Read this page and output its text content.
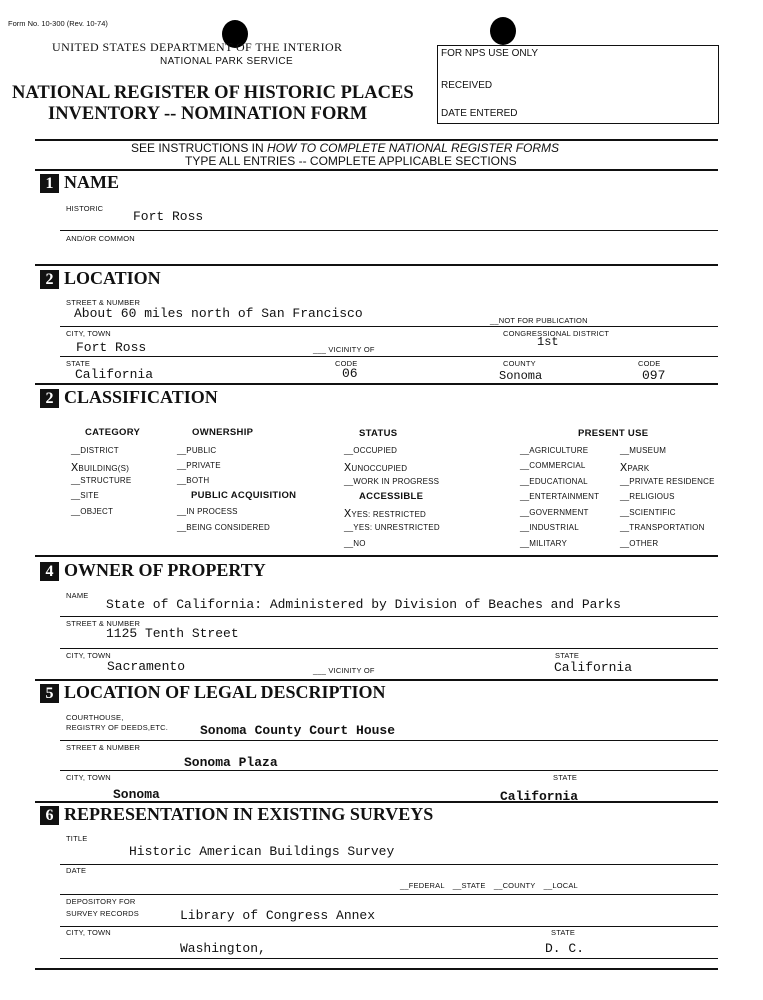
Form No. 10-300 (Rev. 10-74)
UNITED STATES DEPARTMENT OF THE INTERIOR
NATIONAL PARK SERVICE
NATIONAL REGISTER OF HISTORIC PLACES
INVENTORY -- NOMINATION FORM
FOR NPS USE ONLY
RECEIVED
DATE ENTERED
SEE INSTRUCTIONS IN HOW TO COMPLETE NATIONAL REGISTER FORMS
TYPE ALL ENTRIES -- COMPLETE APPLICABLE SECTIONS
1 NAME
HISTORIC
Fort Ross
AND/OR COMMON
2 LOCATION
STREET & NUMBER
About 60 miles north of San Francisco	__NOT FOR PUBLICATION
CITY, TOWN	CONGRESSIONAL DISTRICT
1st
Fort Ross	___ VICINITY OF
STATE	CODE	COUNTY	CODE
California	06	Sonoma	097
2 CLASSIFICATION
CATEGORY
__DISTRICT
XBUILDING(S)
__STRUCTURE
__SITE
__OBJECT
OWNERSHIP
__PUBLIC
__PRIVATE
__BOTH
PUBLIC ACQUISITION
__IN PROCESS
__BEING CONSIDERED
STATUS
__OCCUPIED
XUNOCCUPIED
__WORK IN PROGRESS
ACCESSIBLE
XYES: RESTRICTED
__YES: UNRESTRICTED
__NO
PRESENT USE
__AGRICULTURE
__COMMERCIAL
__EDUCATIONAL
__ENTERTAINMENT
__GOVERNMENT
__INDUSTRIAL
__MILITARY
__MUSEUM
XPARK
__PRIVATE RESIDENCE
__RELIGIOUS
__SCIENTIFIC
__TRANSPORTATION
__OTHER
4 OWNER OF PROPERTY
NAME
State of California: Administered by Division of Beaches and Parks
STREET & NUMBER
1125 Tenth Street
CITY, TOWN	STATE
Sacramento	___ VICINITY OF	California
5 LOCATION OF LEGAL DESCRIPTION
COURTHOUSE,
REGISTRY OF DEEDS,ETC. Sonoma County Court House
STREET & NUMBER
Sonoma Plaza
CITY, TOWN	STATE
Sonoma	California
6 REPRESENTATION IN EXISTING SURVEYS
TITLE
Historic American Buildings Survey
DATE
__FEDERAL __STATE __COUNTY __LOCAL
DEPOSITORY FOR
SURVEY RECORDS	Library of Congress Annex
CITY, TOWN	STATE
Washington,	D. C.
